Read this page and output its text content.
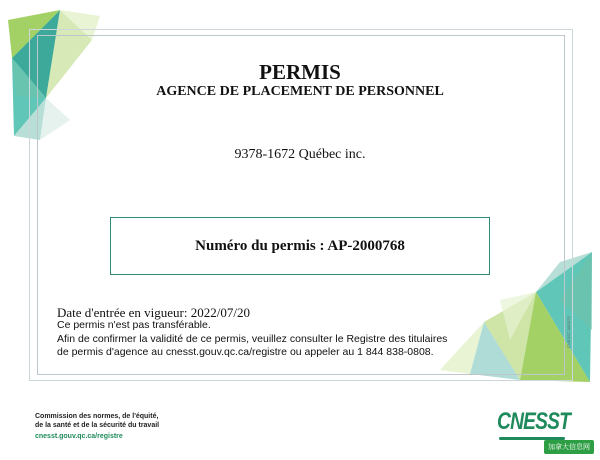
PERMIS
AGENCE DE PLACEMENT DE PERSONNEL
9378-1672 Québec inc.
Numéro du permis : AP-2000768
Date d'entrée en vigueur: 2022/07/20
Ce permis n'est pas transférable.
Afin de confirmer la validité de ce permis, veuillez consulter le Registre des titulaires
de permis d'agence au cnesst.gouv.qc.ca/registre ou appeler au 1 844 838-0808.
CNESST 08/2022
Commission des normes, de l'équité,
de la santé et de la sécurité du travail
cnesst.gouv.qc.ca/registre
CNESST
加拿大信息网
